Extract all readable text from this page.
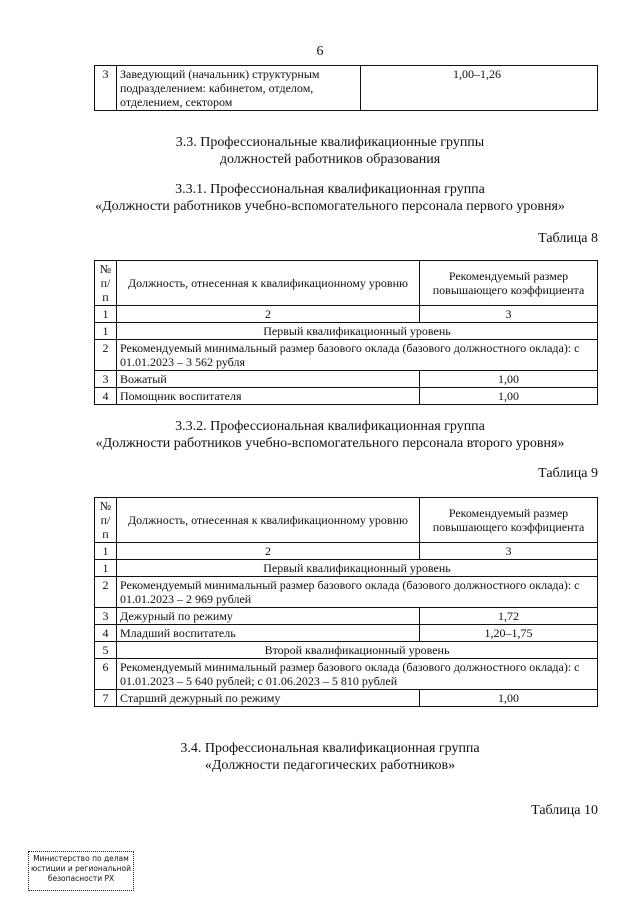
6
3	Заведующий (начальник) структурным подразделением: кабинетом, отделом, отделением, сектором	1,00–1,26
3.3. Профессиональные квалификационные группы
должностей работников образования
3.3.1. Профессиональная квалификационная группа
«Должности работников учебно-вспомогательного персонала первого уровня»
Таблица 8
№ п/п	Должность, отнесенная к квалификационному уровню	Рекомендуемый размер повышающего коэффициента
1	2	3
1	Первый квалификационный уровень	
2	Рекомендуемый минимальный размер базового оклада (базового должностного оклада): с 01.01.2023 – 3 562 рубля	
3	Вожатый	1,00
4	Помощник воспитателя	1,00
3.3.2. Профессиональная квалификационная группа
«Должности работников учебно-вспомогательного персонала второго уровня»
Таблица 9
№ п/п	Должность, отнесенная к квалификационному уровню	Рекомендуемый размер повышающего коэффициента
1	2	3
1	Первый квалификационный уровень	
2	Рекомендуемый минимальный размер базового оклада (базового должностного оклада): с 01.01.2023 – 2 969 рублей	
3	Дежурный по режиму	1,72
4	Младший воспитатель	1,20–1,75
5	Второй квалификационный уровень	
6	Рекомендуемый минимальный размер базового оклада (базового должностного оклада): с 01.01.2023 – 5 640 рублей; с 01.06.2023 – 5 810 рублей	
7	Старший дежурный по режиму	1,00
3.4. Профессиональная квалификационная группа
«Должности педагогических работников»
Таблица 10
Министерство по делам
юстиции и региональной
безопасности РХ
